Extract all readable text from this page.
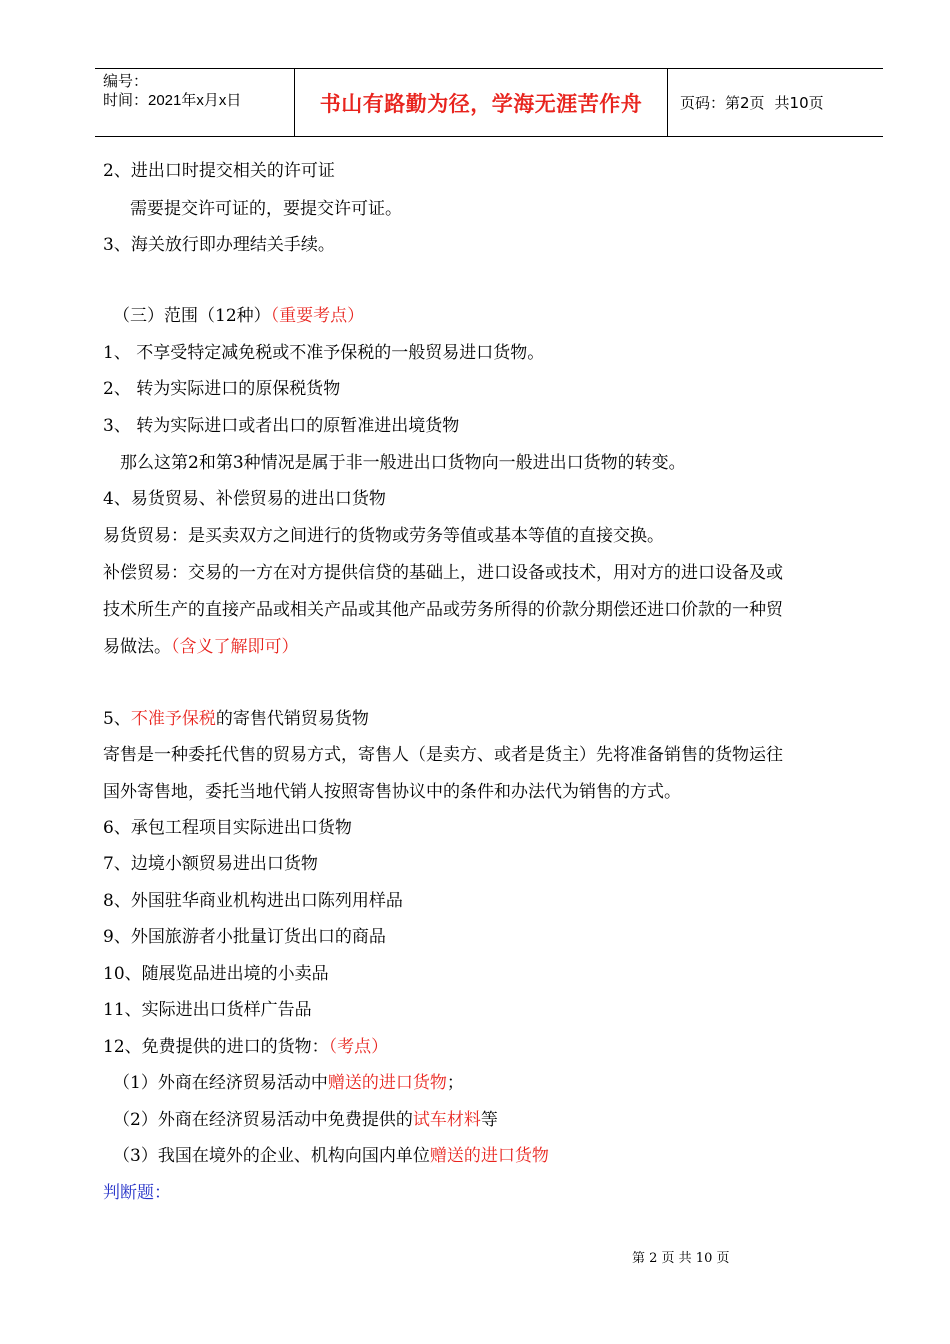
编号：
时间：2021年x月x日	书山有路勤为径，学海无涯苦作舟	页码：第2页 共10页
2、进出口时提交相关的许可证
需要提交许可证的，要提交许可证。
3、海关放行即办理结关手续。
（三）范围（12种）（重要考点）
1、 不享受特定减免税或不准予保税的一般贸易进口货物。
2、 转为实际进口的原保税货物
3、 转为实际进口或者出口的原暂准进出境货物
那么这第2和第3种情况是属于非一般进出口货物向一般进出口货物的转变。
4、易货贸易、补偿贸易的进出口货物
易货贸易：是买卖双方之间进行的货物或劳务等值或基本等值的直接交换。
补偿贸易：交易的一方在对方提供信贷的基础上，进口设备或技术，用对方的进口设备及或
技术所生产的直接产品或相关产品或其他产品或劳务所得的价款分期偿还进口价款的一种贸
易做法。（含义了解即可）
5、不准予保税的寄售代销贸易货物
寄售是一种委托代售的贸易方式，寄售人（是卖方、或者是货主）先将准备销售的货物运往
国外寄售地，委托当地代销人按照寄售协议中的条件和办法代为销售的方式。
6、承包工程项目实际进出口货物
7、边境小额贸易进出口货物
8、外国驻华商业机构进出口陈列用样品
9、外国旅游者小批量订货出口的商品
10、随展览品进出境的小卖品
11、实际进出口货样广告品
12、免费提供的进口的货物：（考点）
（1）外商在经济贸易活动中赠送的进口货物；
（2）外商在经济贸易活动中免费提供的试车材料等
（3）我国在境外的企业、机构向国内单位赠送的进口货物
判断题：
第 2 页 共 10 页
